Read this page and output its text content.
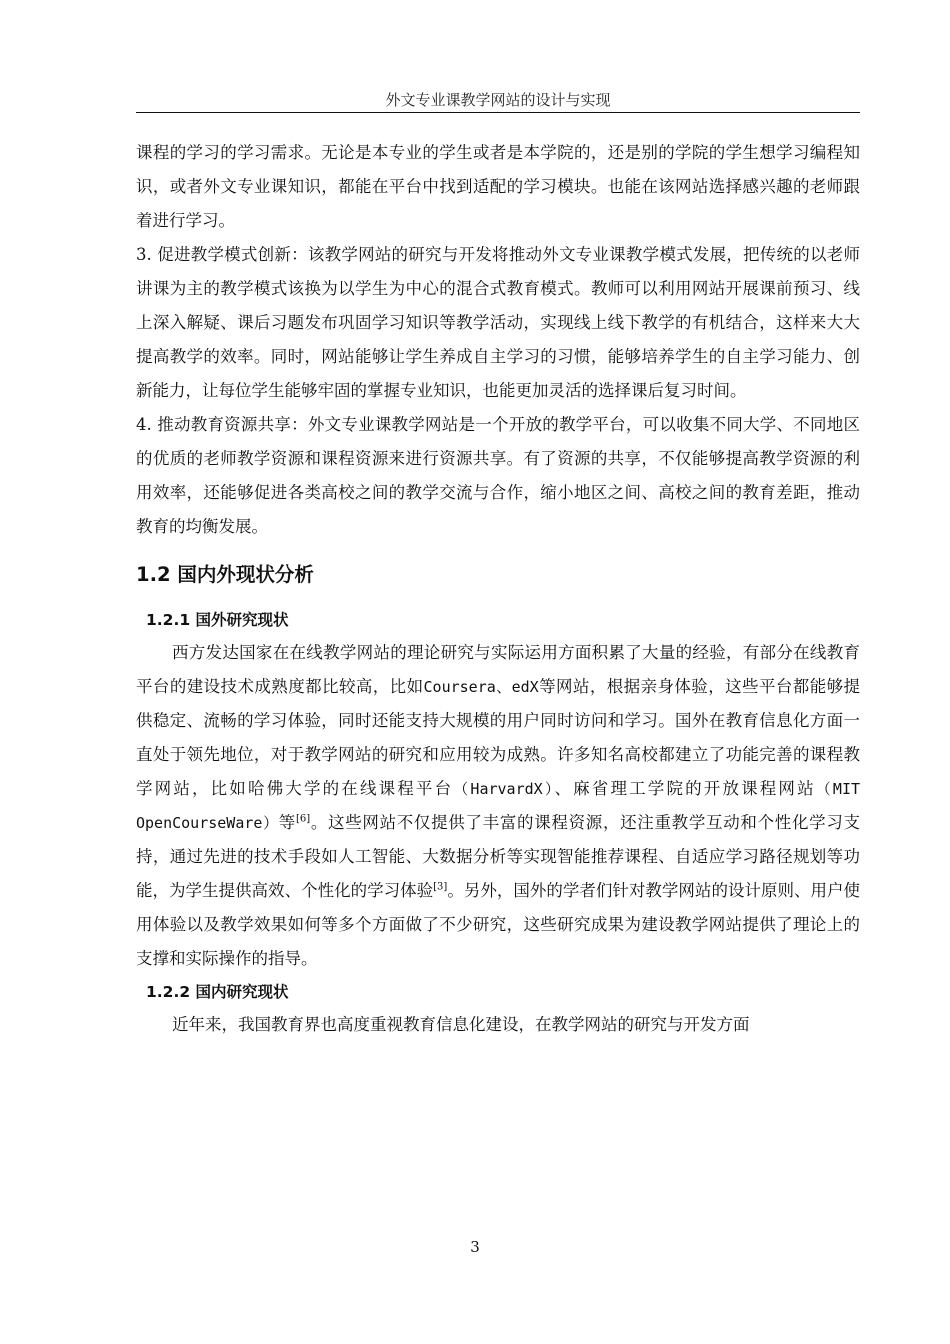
外文专业课教学网站的设计与实现

课程的学习的学习需求。无论是本专业的学生或者是本学院的，还是别的学院的学生想学习编程知识，或者外文专业课知识，都能在平台中找到适配的学习模块。也能在该网站选择感兴趣的老师跟着进行学习。

3. 促进教学模式创新：该教学网站的研究与开发将推动外文专业课教学模式发展，把传统的以老师讲课为主的教学模式该换为以学生为中心的混合式教育模式。教师可以利用网站开展课前预习、线上深入解疑、课后习题发布巩固学习知识等教学活动，实现线上线下教学的有机结合，这样来大大提高教学的效率。同时，网站能够让学生养成自主学习的习惯，能够培养学生的自主学习能力、创新能力，让每位学生能够牢固的掌握专业知识，也能更加灵活的选择课后复习时间。

4. 推动教育资源共享：外文专业课教学网站是一个开放的教学平台，可以收集不同大学、不同地区的优质的老师教学资源和课程资源来进行资源共享。有了资源的共享，不仅能够提高教学资源的利用效率，还能够促进各类高校之间的教学交流与合作，缩小地区之间、高校之间的教育差距，推动教育的均衡发展。

1.2 国内外现状分析
1.2.1 国外研究现状

西方发达国家在在线教学网站的理论研究与实际运用方面积累了大量的经验，有部分在线教育平台的建设技术成熟度都比较高，比如Coursera、edX等网站，根据亲身体验，这些平台都能够提供稳定、流畅的学习体验，同时还能支持大规模的用户同时访问和学习。国外在教育信息化方面一直处于领先地位，对于教学网站的研究和应用较为成熟。许多知名高校都建立了功能完善的课程教学网站，比如哈佛大学的在线课程平台（HarvardX）、麻省理工学院的开放课程网站（MIT OpenCourseWare）等[6]。这些网站不仅提供了丰富的课程资源，还注重教学互动和个性化学习支持，通过先进的技术手段如人工智能、大数据分析等实现智能推荐课程、自适应学习路径规划等功能，为学生提供高效、个性化的学习体验[3]。另外，国外的学者们针对教学网站的设计原则、用户使用体验以及教学效果如何等多个方面做了不少研究，这些研究成果为建设教学网站提供了理论上的支撑和实际操作的指导。

1.2.2 国内研究现状

近年来，我国教育界也高度重视教育信息化建设，在教学网站的研究与开发方面

3
